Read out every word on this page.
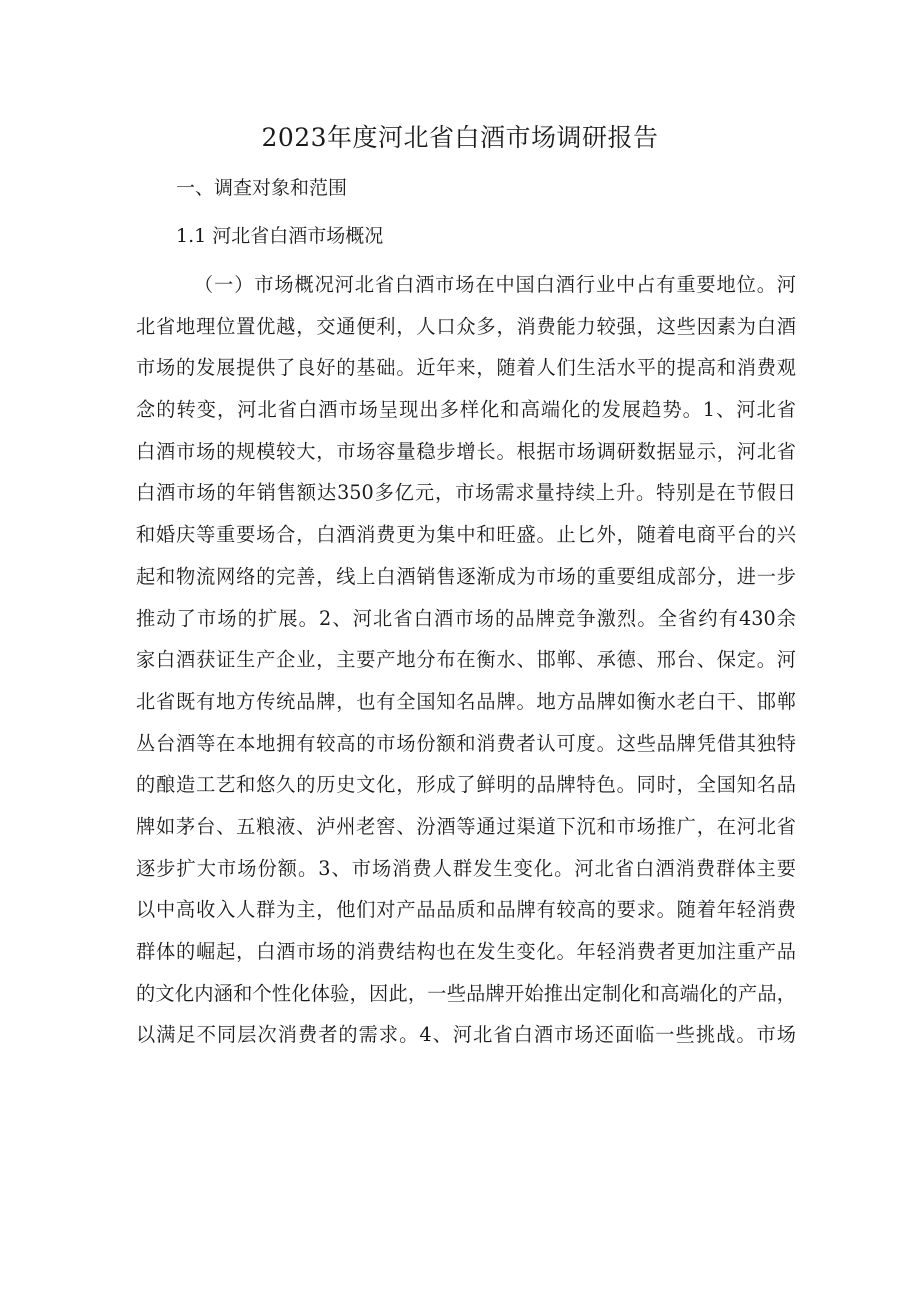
2023年度河北省白酒市场调研报告

一、调查对象和范围

1.1 河北省白酒市场概况

（一）市场概况河北省白酒市场在中国白酒行业中占有重要地位。河
北省地理位置优越，交通便利，人口众多，消费能力较强，这些因素为白酒
市场的发展提供了良好的基础。近年来，随着人们生活水平的提高和消费观
念的转变，河北省白酒市场呈现出多样化和高端化的发展趋势。1、河北省
白酒市场的规模较大，市场容量稳步增长。根据市场调研数据显示，河北省
白酒市场的年销售额达350多亿元，市场需求量持续上升。特别是在节假日
和婚庆等重要场合，白酒消费更为集中和旺盛。止匕外，随着电商平台的兴
起和物流网络的完善，线上白酒销售逐渐成为市场的重要组成部分，进一步
推动了市场的扩展。2、河北省白酒市场的品牌竞争激烈。全省约有430余
家白酒获证生产企业，主要产地分布在衡水、邯郸、承德、邢台、保定。河
北省既有地方传统品牌，也有全国知名品牌。地方品牌如衡水老白干、邯郸
丛台酒等在本地拥有较高的市场份额和消费者认可度。这些品牌凭借其独特
的酿造工艺和悠久的历史文化，形成了鲜明的品牌特色。同时，全国知名品
牌如茅台、五粮液、泸州老窖、汾酒等通过渠道下沉和市场推广，在河北省
逐步扩大市场份额。3、市场消费人群发生变化。河北省白酒消费群体主要
以中高收入人群为主，他们对产品品质和品牌有较高的要求。随着年轻消费
群体的崛起，白酒市场的消费结构也在发生变化。年轻消费者更加注重产品
的文化内涵和个性化体验，因此，一些品牌开始推出定制化和高端化的产品，
以满足不同层次消费者的需求。4、河北省白酒市场还面临一些挑战。市场
